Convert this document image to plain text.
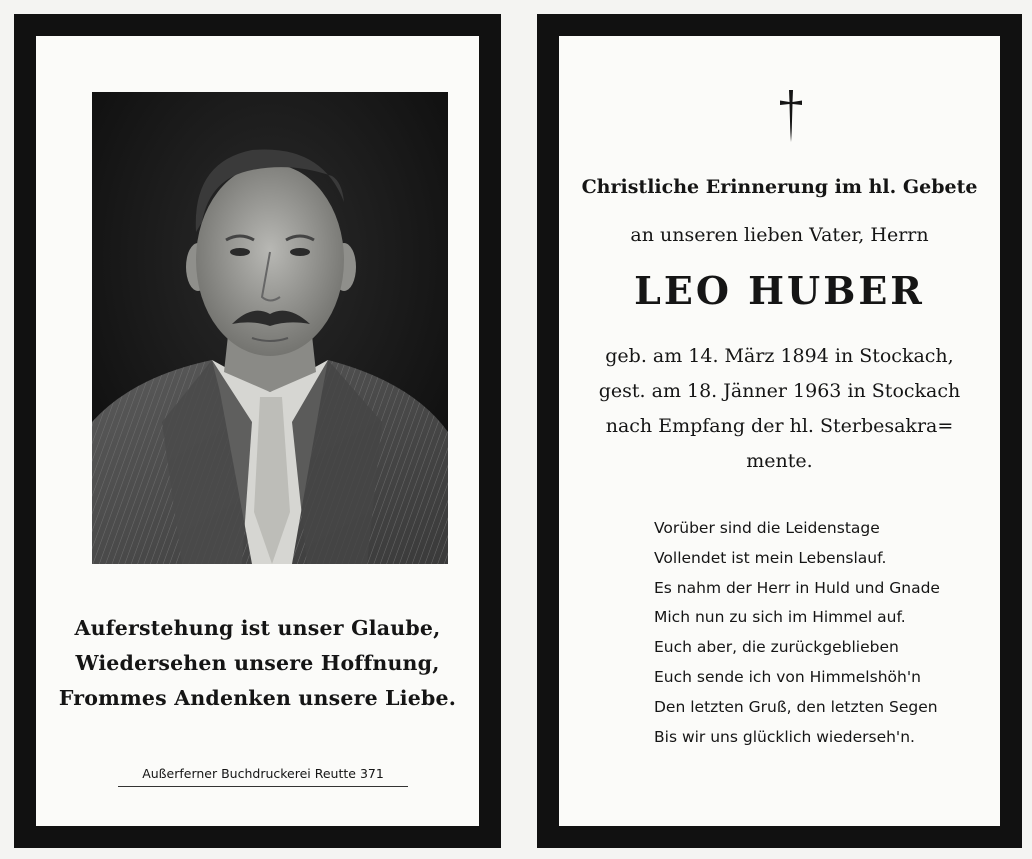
Auferstehung ist unser Glaube,
Wiedersehen unsere Hoffnung,
Frommes Andenken unsere Liebe.
Außerferner Buchdruckerei Reutte 371
Christliche Erinnerung im hl. Gebete
an unseren lieben Vater, Herrn
LEO HUBER
geb. am 14. März 1894 in Stockach,
gest. am 18. Jänner 1963 in Stockach
nach Empfang der hl. Sterbesakra=
mente.
Vorüber sind die Leidenstage
Vollendet ist mein Lebenslauf.
Es nahm der Herr in Huld und Gnade
Mich nun zu sich im Himmel auf.
Euch aber, die zurückgeblieben
Euch sende ich von Himmelshöh'n
Den letzten Gruß, den letzten Segen
Bis wir uns glücklich wiederseh'n.
